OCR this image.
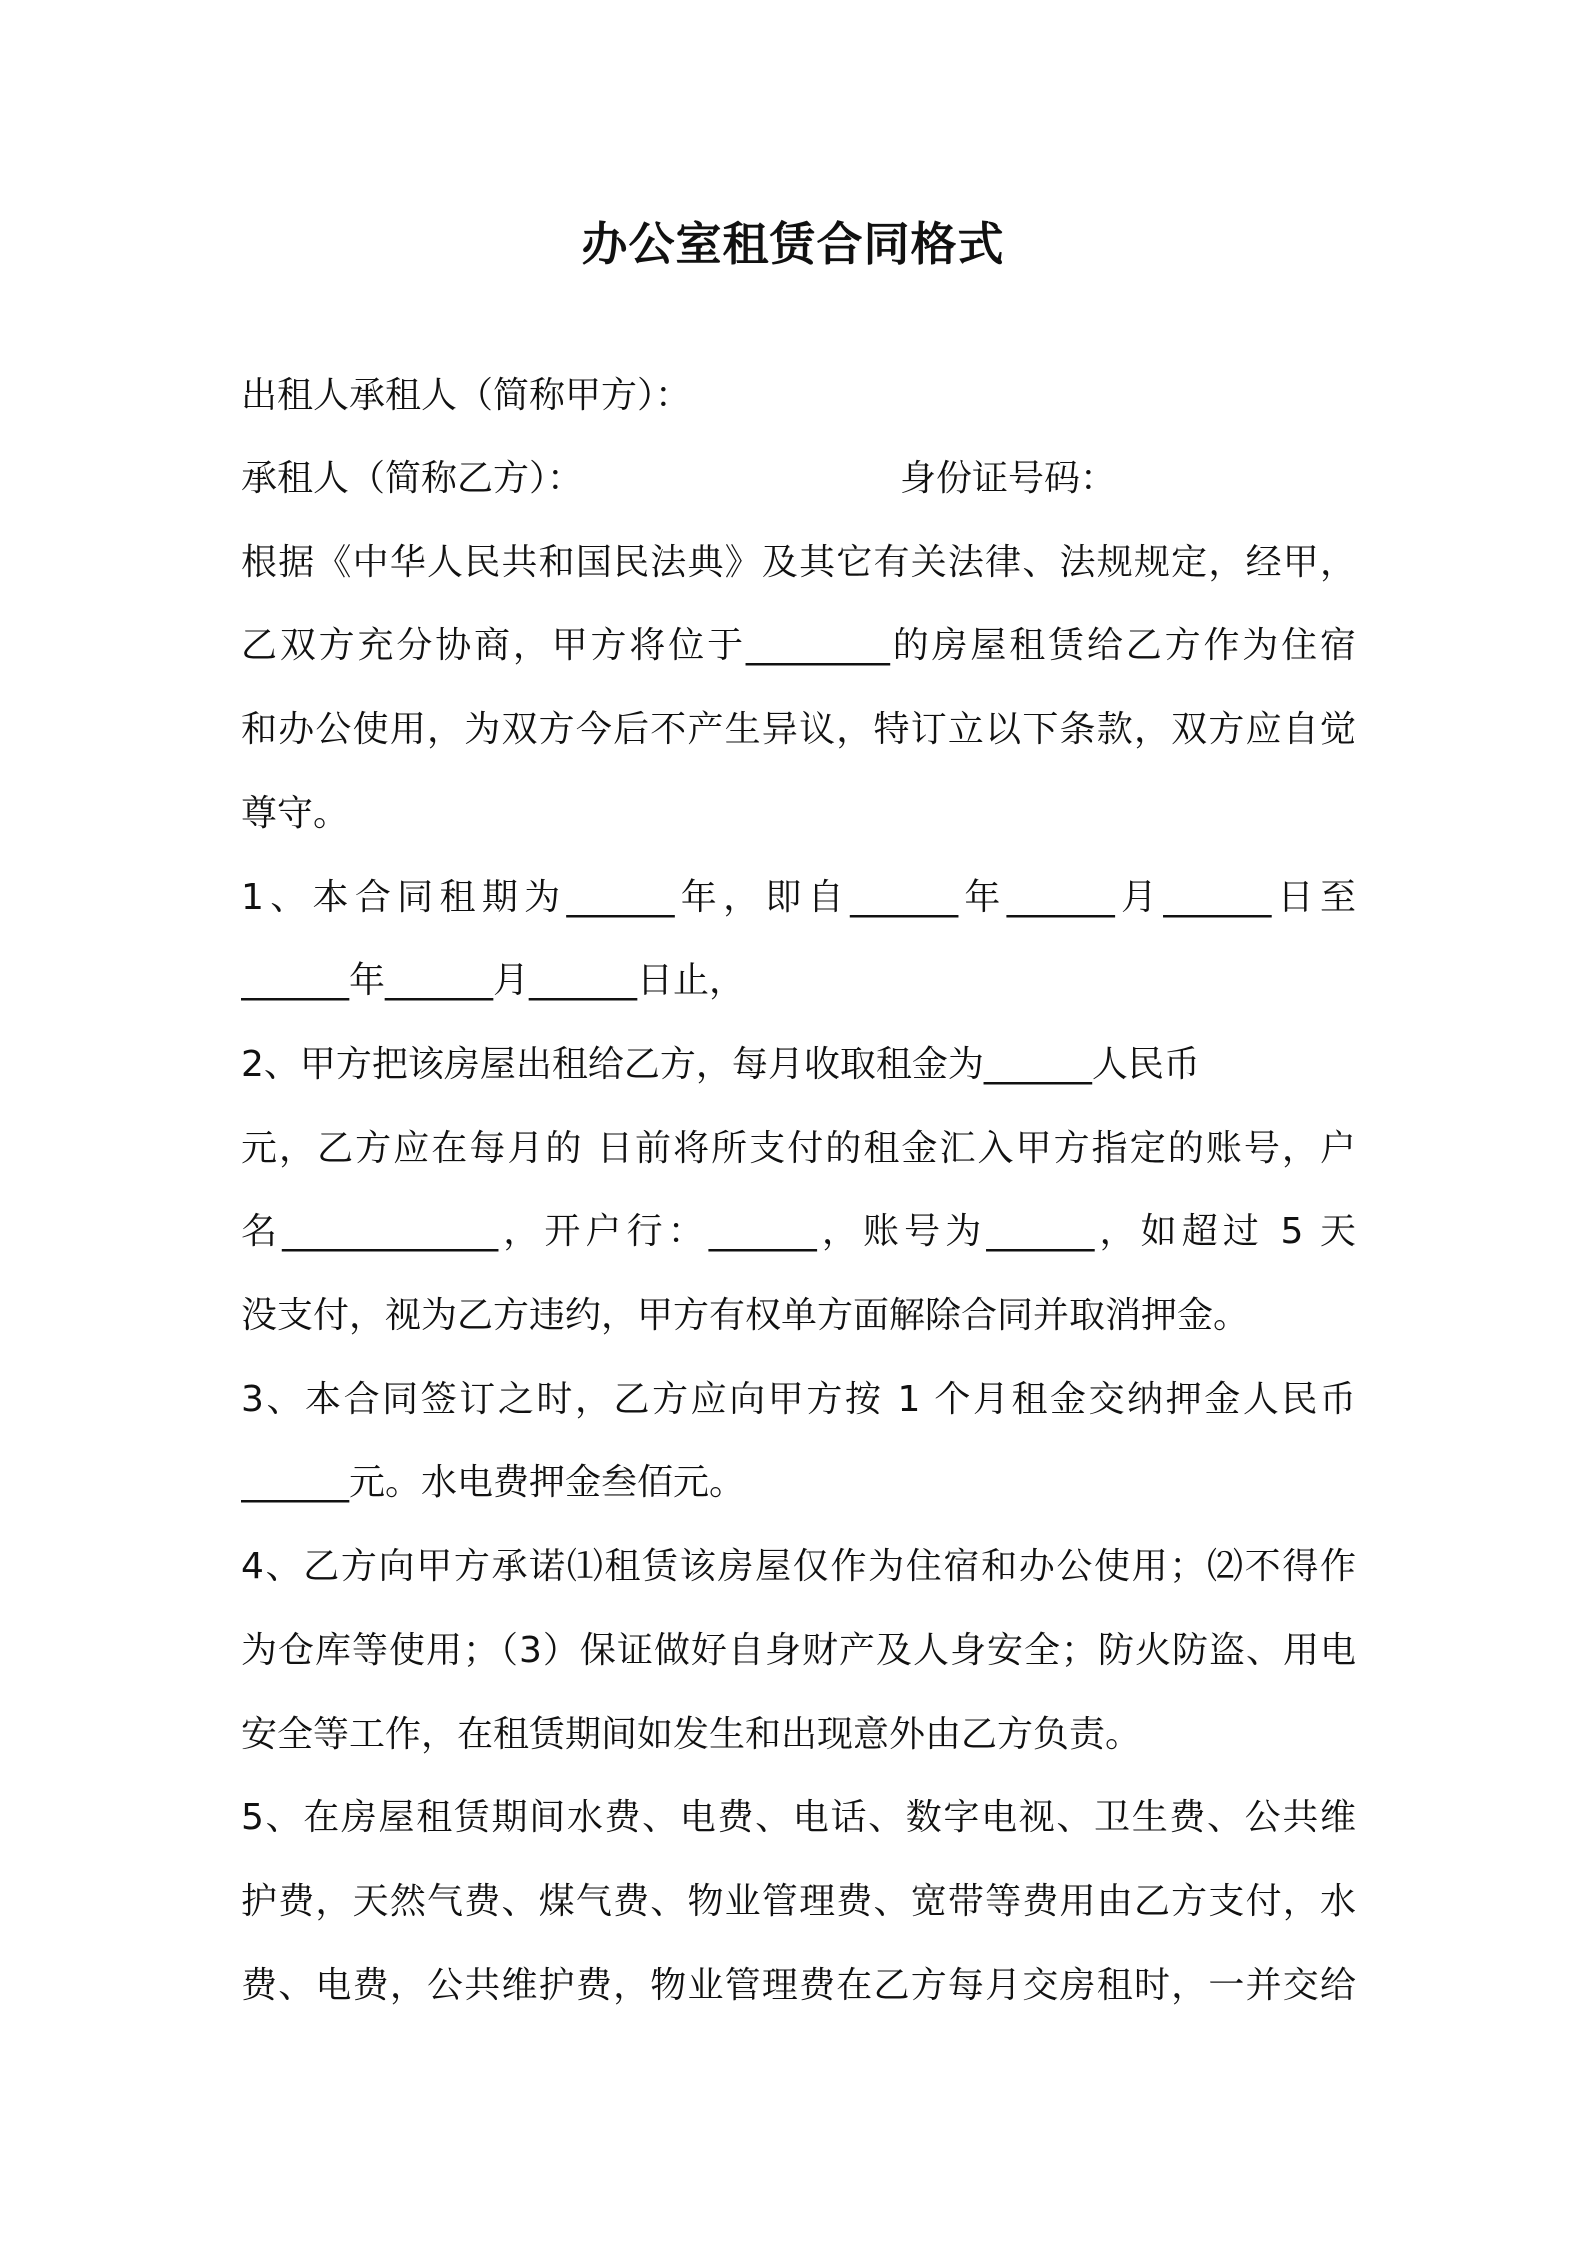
办公室租赁合同格式

出租人承租人（简称甲方）：

承租人（简称乙方）：	身份证号码：

根据《中华人民共和国民法典》及其它有关法律、法规规定，经甲，

乙双方充分协商，甲方将位于________的房屋租赁给乙方作为住宿

和办公使用，为双方今后不产生异议，特订立以下条款，双方应自觉

尊守。

1、本合同租期为______年，即自______年______月______日至

______年______月______日止，

2、甲方把该房屋出租给乙方，每月收取租金为______人民币

元，乙方应在每月的 日前将所支付的租金汇入甲方指定的账号，户

名____________，开户行：______，账号为______，如超过 5 天

没支付，视为乙方违约，甲方有权单方面解除合同并取消押金。

3、本合同签订之时，乙方应向甲方按 1 个月租金交纳押金人民币

______元。水电费押金叁佰元。

4、乙方向甲方承诺⑴租赁该房屋仅作为住宿和办公使用；⑵不得作

为仓库等使用；（3）保证做好自身财产及人身安全；防火防盗、用电

安全等工作，在租赁期间如发生和出现意外由乙方负责。

5、在房屋租赁期间水费、电费、电话、数字电视、卫生费、公共维

护费，天然气费、煤气费、物业管理费、宽带等费用由乙方支付，水

费、电费，公共维护费，物业管理费在乙方每月交房租时，一并交给
